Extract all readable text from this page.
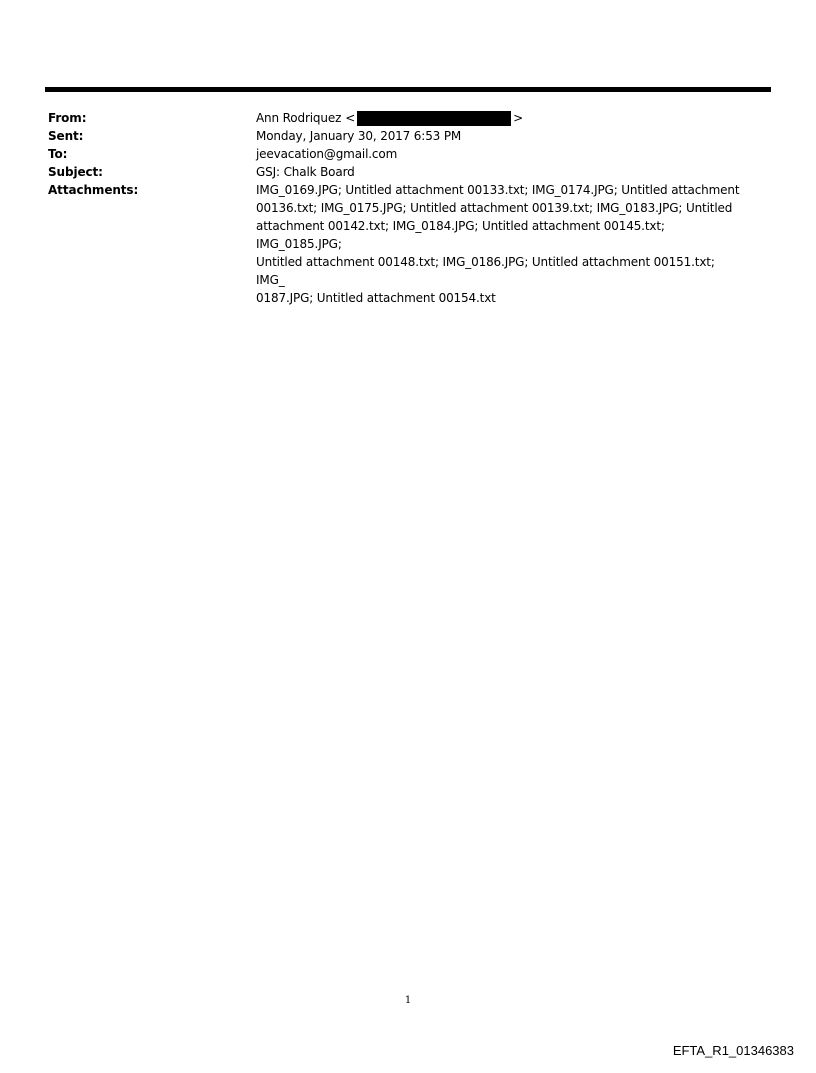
From:	Ann Rodriquez <	>
Sent:	Monday, January 30, 2017 6:53 PM
To:	jeevacation@gmail.com
Subject:	GSJ: Chalk Board
Attachments:	IMG_0169.JPG; Untitled attachment 00133.txt; IMG_0174.JPG; Untitled attachment
00136.txt; IMG_0175.JPG; Untitled attachment 00139.txt; IMG_0183.JPG; Untitled
attachment 00142.txt; IMG_0184.JPG; Untitled attachment 00145.txt; IMG_0185.JPG;
Untitled attachment 00148.txt; IMG_0186.JPG; Untitled attachment 00151.txt; IMG_
0187.JPG; Untitled attachment 00154.txt
1
EFTA_R1_01346383
